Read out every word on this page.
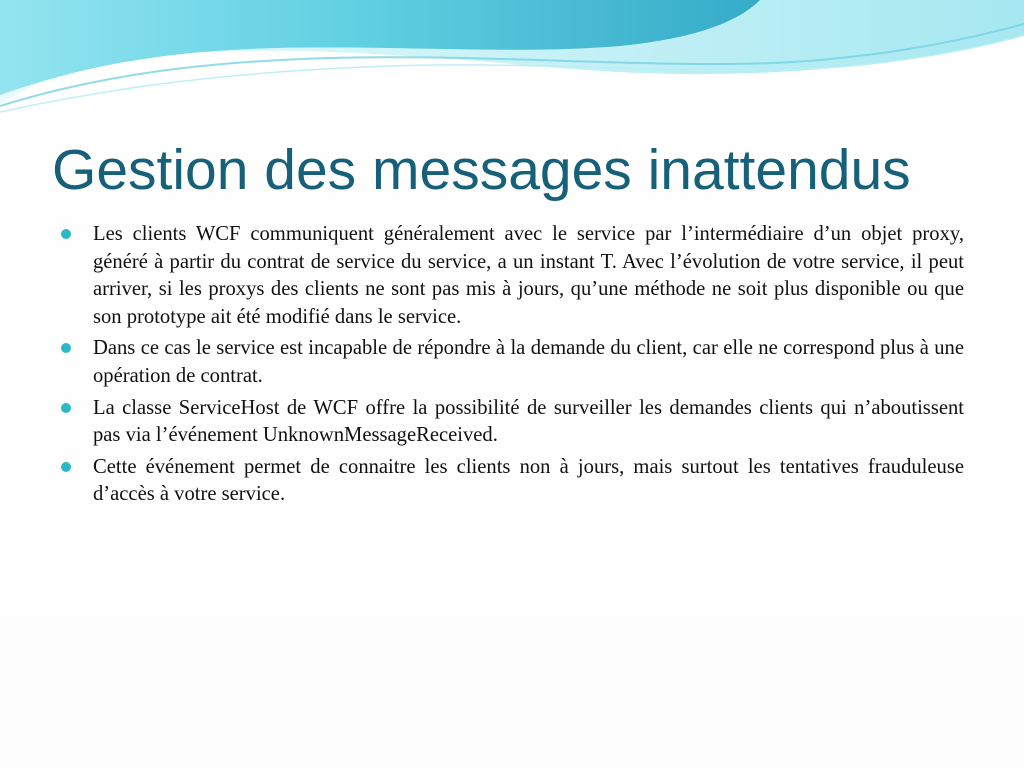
Gestion des messages inattendus
Les clients WCF communiquent généralement avec le service par l’intermédiaire d’un objet proxy, généré à partir du contrat de service du service, a un instant T. Avec l’évolution de votre service, il peut arriver, si les proxys des clients ne sont pas mis à jours, qu’une méthode ne soit plus disponible ou que son prototype ait été modifié dans le service.
Dans ce cas le service est incapable de répondre à la demande du client, car elle ne correspond plus à une opération de contrat.
La classe ServiceHost de WCF offre la possibilité de surveiller les demandes clients qui n’aboutissent pas via l’événement UnknownMessageReceived.
Cette événement permet de connaitre les clients non à jours, mais surtout les tentatives frauduleuse d’accès à votre service.
